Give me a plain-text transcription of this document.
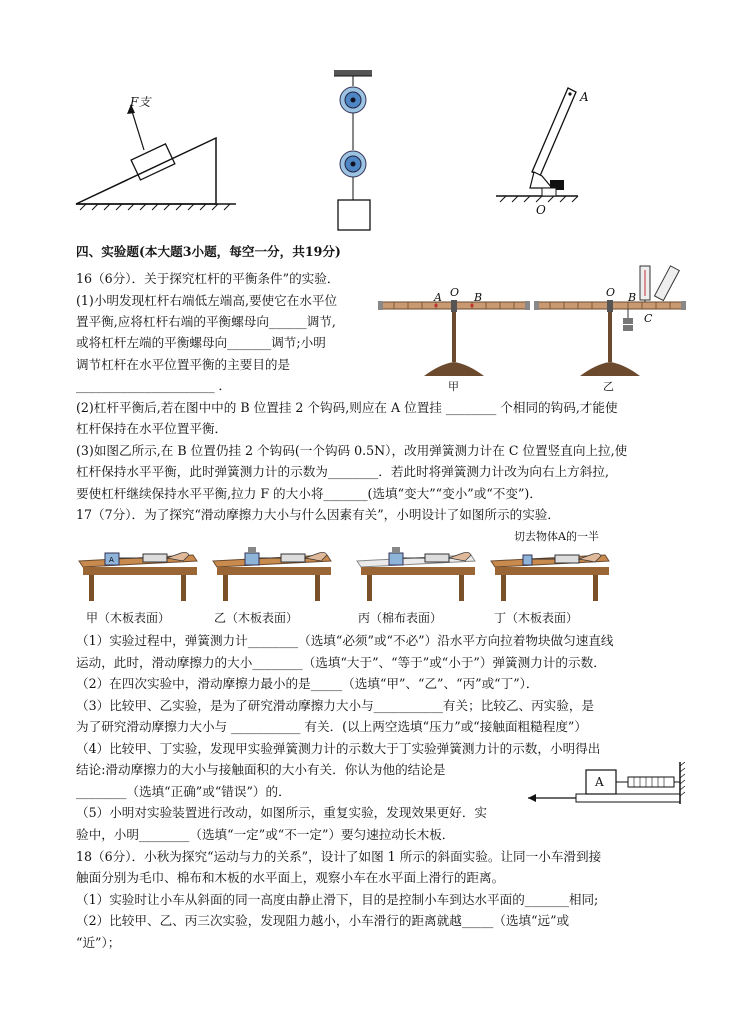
F支	A
O
四、实验题(本大题3小题，每空一分，共19分)
16（6分）．关于探究杠杆的平衡条件”的实验．
(1)小明发现杠杆右端低左端高,要使它在水平位
置平衡,应将杠杆右端的平衡螺母向______调节,
或将杠杆左端的平衡螺母向_______调节;小明
调节杠杆在水平位置平衡的主要目的是
______________________ ．
(2)杠杆平衡后,若在图中中的 B 位置挂 2 个钩码,则应在 A 位置挂 ________ 个相同的钩码,才能使
杠杆保持在水平位置平衡．
(3)如图乙所示,在 B 位置仍挂 2 个钩码(一个钩码 0.5N），改用弹簧测力计在 C 位置竖直向上拉,使
杠杆保持水平平衡，此时弹簧测力计的示数为________．若此时将弹簧测力计改为向右上方斜拉,
要使杠杆继续保持水平平衡,拉力 F 的大小将_______(选填“变大”“变小”或“不变”)．
A O B
甲
O B
C
乙
17（7分）．为了探究“滑动摩擦力大小与什么因素有关”，小明设计了如图所示的实验．
切去物体A的一半
A
甲（木板表面）	乙（木板表面）	丙（棉布表面）	丁（木板表面）
（1）实验过程中，弹簧测力计________（选填“必须”或“不必”）沿水平方向拉着物块做匀速直线
运动，此时，滑动摩擦力的大小________（选填“大于”、“等于”或“小于”）弹簧测力计的示数．
（2）在四次实验中，滑动摩擦力最小的是_____（选填“甲”、“乙”、“丙”或“丁”）．
（3）比较甲、乙实验，是为了研究滑动摩擦力大小与___________有关；比较乙、丙实验，是
为了研究滑动摩擦力大小与 ___________ 有关．(以上两空选填“压力”或“接触面粗糙程度”）
（4）比较甲、丁实验，发现甲实验弹簧测力计的示数大于丁实验弹簧测力计的示数，小明得出
结论:滑动摩擦力的大小与接触面积的大小有关．你认为他的结论是
________（选填“正确”或“错误”）的．
（5）小明对实验装置进行改动，如图所示，重复实验，发现效果更好．实
验中，小明________（选填“一定”或“不一定”）要匀速拉动长木板．
A
18（6分）．小秋为探究“运动与力的关系”，设计了如图 1 所示的斜面实验。让同一小车滑到接
触面分别为毛巾、棉布和木板的水平面上，观察小车在水平面上滑行的距离。
（1）实验时让小车从斜面的同一高度由静止滑下，目的是控制小车到达水平面的_______相同;
（2）比较甲、乙、丙三次实验，发现阻力越小，小车滑行的距离就越_____（选填“远”或
“近”）；
